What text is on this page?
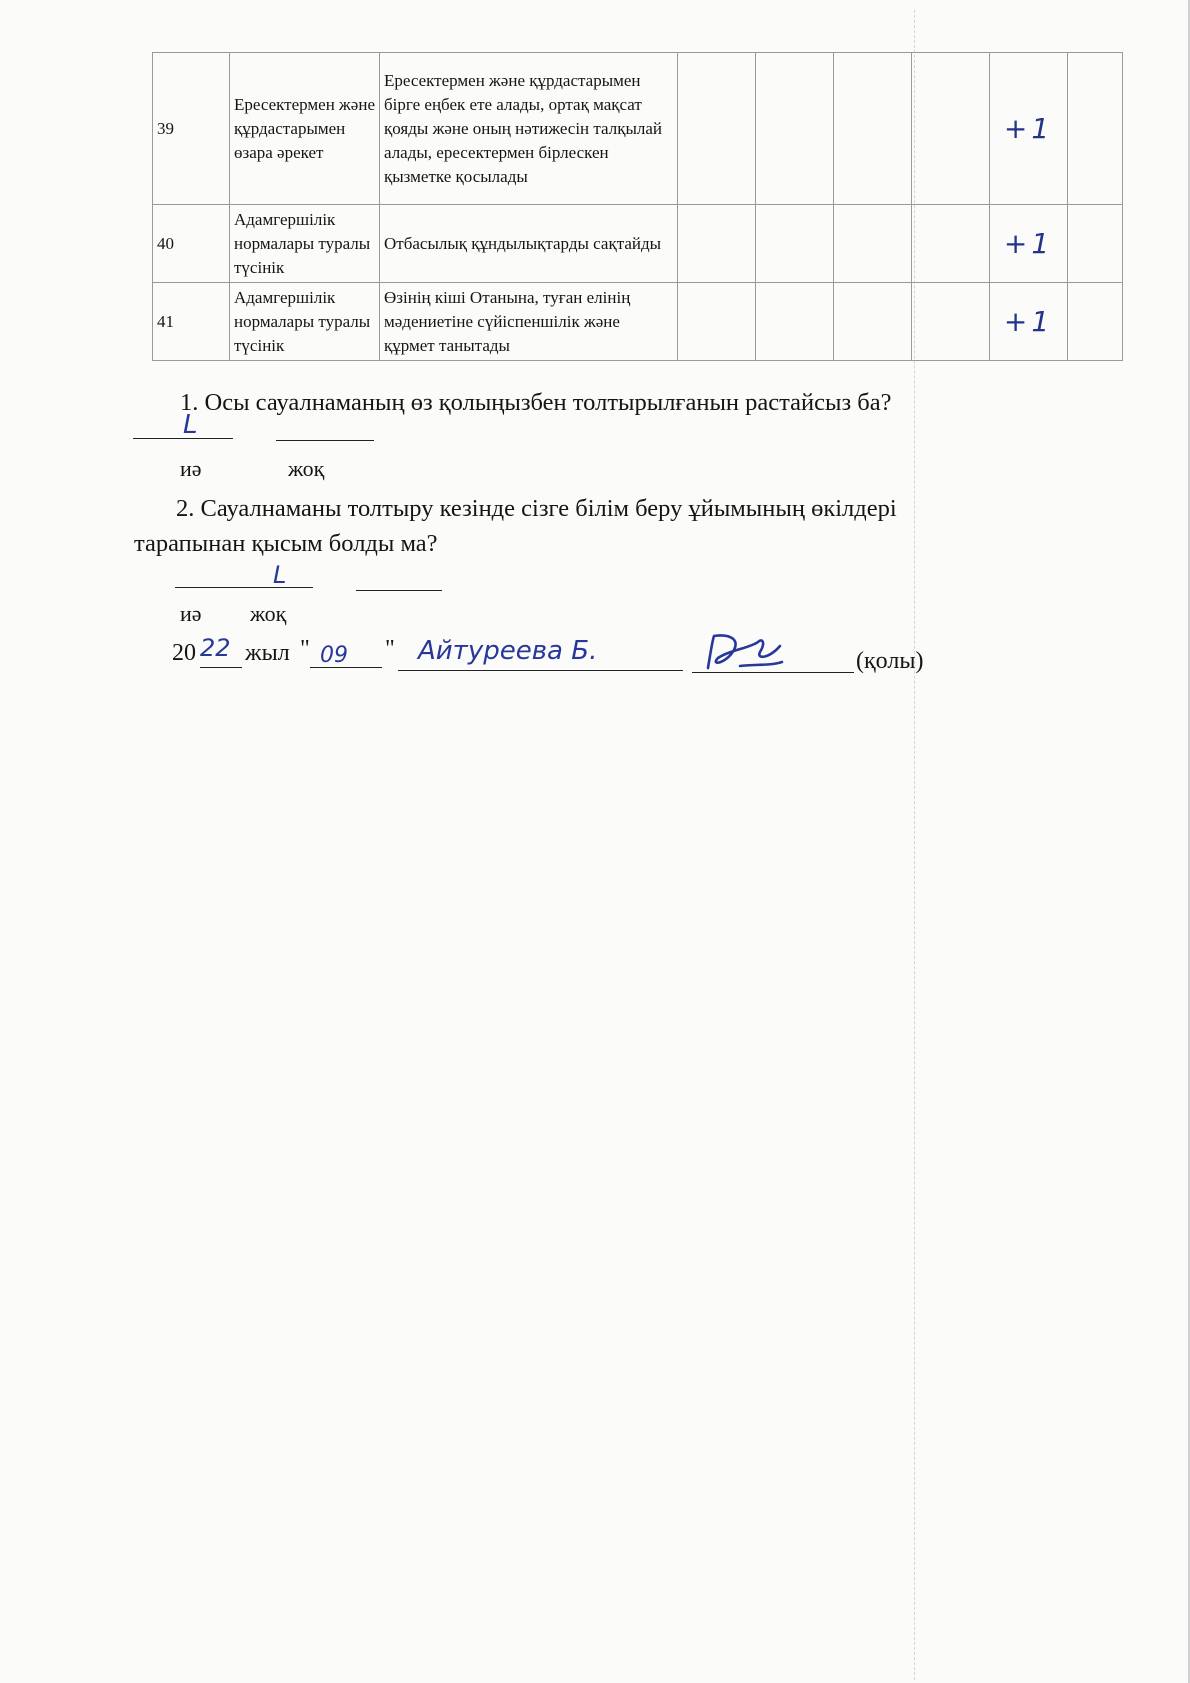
39	Ересектермен және құрдастарымен өзара әрекет	Ересектермен және құрдастарымен бірге еңбек ете алады, ортақ мақсат қояды және оның нәтижесін талқылай алады, ересектермен бірлескен қызметке қосылады					+1	
40	Адамгершілік нормалары туралы түсінік	Отбасылық құндылықтарды сақтайды					+1	
41	Адамгершілік нормалары туралы түсінік	Өзінің кіші Отанына, туған елінің мәдениетіне сүйіспеншілік және құрмет танытады					+1	
1. Осы сауалнаманың өз қолыңызбен толтырылғанын растайсыз ба?
L
иә	жоқ
2. Сауалнаманы толтыру кезінде сізге білім беру ұйымының өкілдері
тарапынан қысым болды ма?
L
иә жоқ
20 22 жыл " 09 " Айтуреева Б.	(қолы)
